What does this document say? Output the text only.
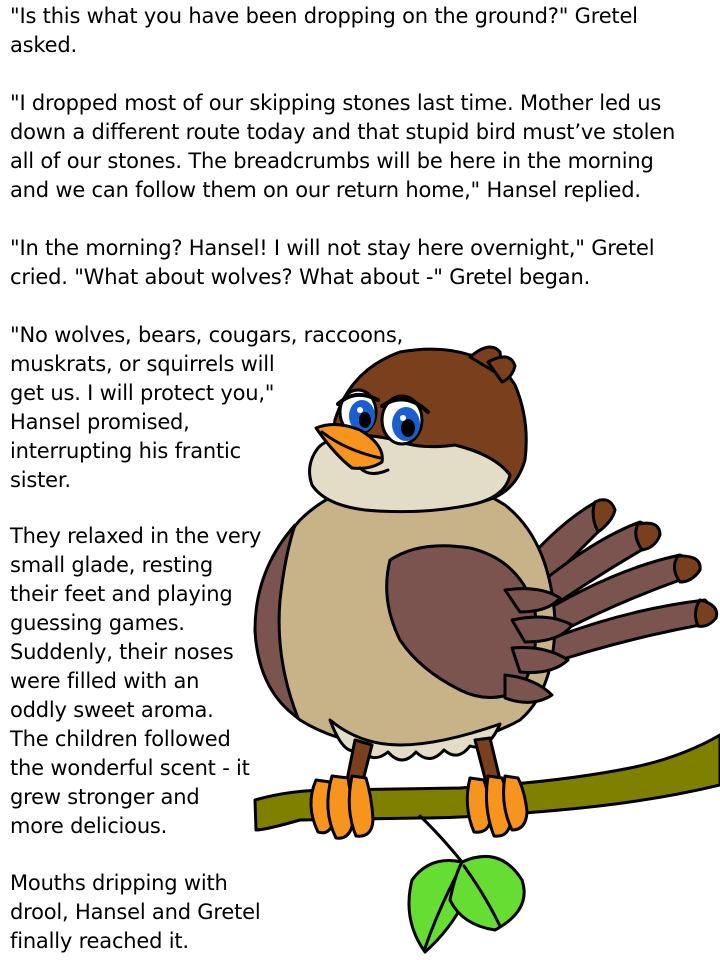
"Is this what you have been dropping on the ground?" Gretel
asked.

"I dropped most of our skipping stones last time. Mother led us
down a different route today and that stupid bird must’ve stolen
all of our stones. The breadcrumbs will be here in the morning
and we can follow them on our return home," Hansel replied.

"In the morning? Hansel! I will not stay here overnight," Gretel
cried. "What about wolves? What about -" Gretel began.

"No wolves, bears, cougars, raccoons,
muskrats, or squirrels will
get us. I will protect you,"
Hansel promised,
interrupting his frantic
sister.

They relaxed in the very
small glade, resting
their feet and playing
guessing games.
Suddenly, their noses
were filled with an
oddly sweet aroma.
The children followed
the wonderful scent - it
grew stronger and
more delicious.

Mouths dripping with
drool, Hansel and Gretel
finally reached it.
